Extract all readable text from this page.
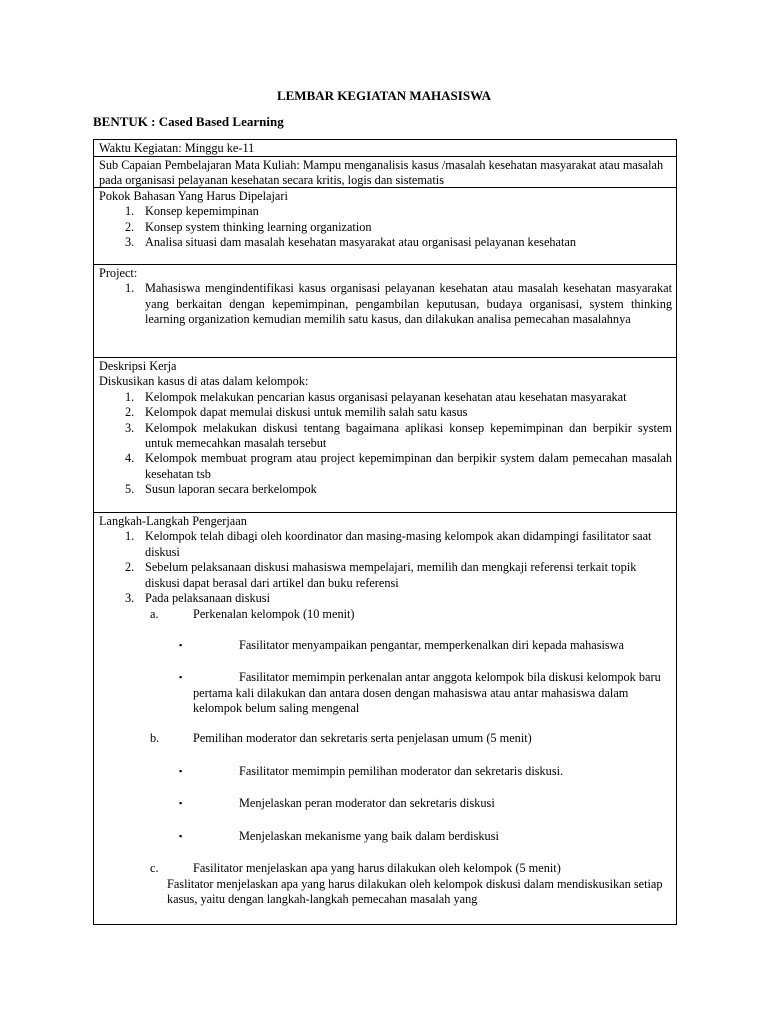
LEMBAR KEGIATAN MAHASISWA
BENTUK : Cased Based Learning
Waktu Kegiatan: Minggu ke-11
Sub Capaian Pembelajaran Mata Kuliah: Mampu menganalisis kasus /masalah kesehatan masyarakat atau masalah pada organisasi pelayanan kesehatan secara kritis, logis dan sistematis
Pokok Bahasan Yang Harus Dipelajari
1. Konsep kepemimpinan
2. Konsep system thinking learning organization
3. Analisa situasi dam masalah kesehatan masyarakat atau organisasi pelayanan kesehatan
Project:
1. Mahasiswa mengindentifikasi kasus organisasi pelayanan kesehatan atau masalah kesehatan masyarakat yang berkaitan dengan kepemimpinan, pengambilan keputusan, budaya organisasi, system thinking learning organization kemudian memilih satu kasus, dan dilakukan analisa pemecahan masalahnya
Deskripsi Kerja
Diskusikan kasus di atas dalam kelompok:
1. Kelompok melakukan pencarian kasus organisasi pelayanan kesehatan atau kesehatan masyarakat
2. Kelompok dapat memulai diskusi untuk memilih salah satu kasus
3. Kelompok melakukan diskusi tentang bagaimana aplikasi konsep kepemimpinan dan berpikir system untuk memecahkan masalah tersebut
4. Kelompok membuat program atau project kepemimpinan dan berpikir system dalam pemecahan masalah kesehatan tsb
5. Susun laporan secara berkelompok
Langkah-Langkah Pengerjaan
1. Kelompok telah dibagi oleh koordinator dan masing-masing kelompok akan didampingi fasilitator saat diskusi
2. Sebelum pelaksanaan diskusi mahasiswa mempelajari, memilih dan mengkaji referensi terkait topik diskusi dapat berasal dari artikel dan buku referensi
3. Pada pelaksanaan diskusi
a.	Perkenalan kelompok (10 menit)
▪	Fasilitator menyampaikan pengantar, memperkenalkan diri kepada mahasiswa
▪	Fasilitator memimpin perkenalan antar anggota kelompok bila diskusi kelompok baru pertama kali dilakukan dan antara dosen dengan mahasiswa atau antar mahasiswa dalam kelompok belum saling mengenal
b.	Pemilihan moderator dan sekretaris serta penjelasan umum (5 menit)
▪	Fasilitator memimpin pemilihan moderator dan sekretaris diskusi.
▪	Menjelaskan peran moderator dan sekretaris diskusi
▪	Menjelaskan mekanisme yang baik dalam berdiskusi
c.	Fasilitator menjelaskan apa yang harus dilakukan oleh kelompok (5 menit)
Faslitator menjelaskan apa yang harus dilakukan oleh kelompok diskusi dalam mendiskusikan setiap kasus, yaitu dengan langkah-langkah pemecahan masalah yang
